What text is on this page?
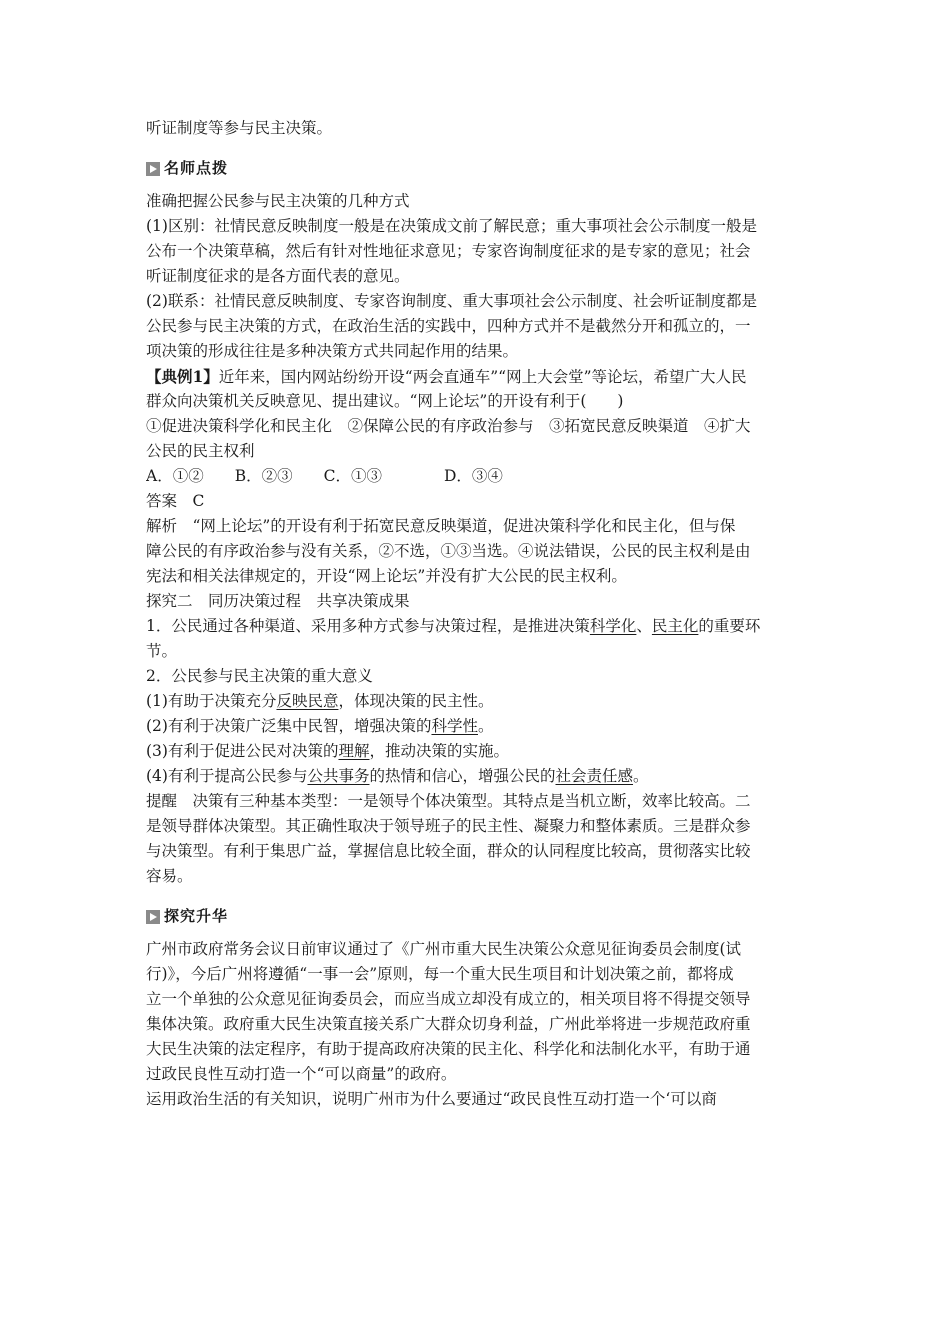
听证制度等参与民主决策。
名师点拨
准确把握公民参与民主决策的几种方式
(1)区别：社情民意反映制度一般是在决策成文前了解民意；重大事项社会公示制度一般是
公布一个决策草稿，然后有针对性地征求意见；专家咨询制度征求的是专家的意见；社会
听证制度征求的是各方面代表的意见。
(2)联系：社情民意反映制度、专家咨询制度、重大事项社会公示制度、社会听证制度都是
公民参与民主决策的方式，在政治生活的实践中，四种方式并不是截然分开和孤立的，一
项决策的形成往往是多种决策方式共同起作用的结果。
【典例1】近年来，国内网站纷纷开设“两会直通车”“网上大会堂”等论坛，希望广大人民
群众向决策机关反映意见、提出建议。“网上论坛”的开设有利于(　　)
①促进决策科学化和民主化　②保障公民的有序政治参与　③拓宽民意反映渠道　④扩大
公民的民主权利
A．①②　　B．②③　　C．①③　　　　D．③④
答案　C
解析　“网上论坛”的开设有利于拓宽民意反映渠道，促进决策科学化和民主化，但与保
障公民的有序政治参与没有关系，②不选，①③当选。④说法错误，公民的民主权利是由
宪法和相关法律规定的，开设“网上论坛”并没有扩大公民的民主权利。
探究二　同历决策过程　共享决策成果
1．公民通过各种渠道、采用多种方式参与决策过程，是推进决策科学化、民主化的重要环
节。
2．公民参与民主决策的重大意义
(1)有助于决策充分反映民意，体现决策的民主性。
(2)有利于决策广泛集中民智，增强决策的科学性。
(3)有利于促进公民对决策的理解，推动决策的实施。
(4)有利于提高公民参与公共事务的热情和信心，增强公民的社会责任感。
提醒　决策有三种基本类型：一是领导个体决策型。其特点是当机立断，效率比较高。二
是领导群体决策型。其正确性取决于领导班子的民主性、凝聚力和整体素质。三是群众参
与决策型。有利于集思广益，掌握信息比较全面，群众的认同程度比较高，贯彻落实比较
容易。
探究升华
广州市政府常务会议日前审议通过了《广州市重大民生决策公众意见征询委员会制度(试
行)》，今后广州将遵循“一事一会”原则，每一个重大民生项目和计划决策之前，都将成
立一个单独的公众意见征询委员会，而应当成立却没有成立的，相关项目将不得提交领导
集体决策。政府重大民生决策直接关系广大群众切身利益，广州此举将进一步规范政府重
大民生决策的法定程序，有助于提高政府决策的民主化、科学化和法制化水平，有助于通
过政民良性互动打造一个“可以商量”的政府。
运用政治生活的有关知识，说明广州市为什么要通过“政民良性互动打造一个‘可以商
